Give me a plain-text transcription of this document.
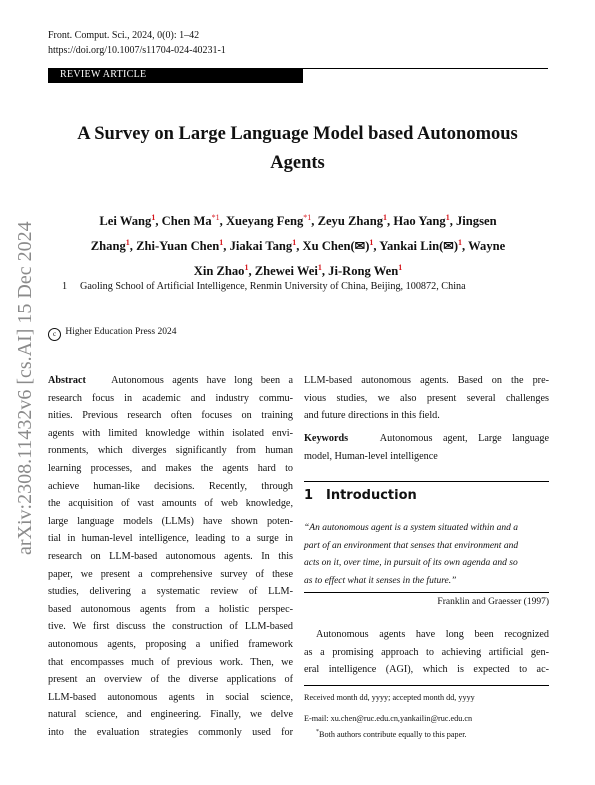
Front. Comput. Sci., 2024, 0(0): 1–42
https://doi.org/10.1007/s11704-024-40231-1
REVIEW ARTICLE
arXiv:2308.11432v6 [cs.AI] 15 Dec 2024
A Survey on Large Language Model based Autonomous
Agents
Lei Wang$^1$, Chen Ma$^{*1}$, Xueyang Feng$^{*1}$, Zeyu Zhang$^1$, Hao Yang$^1$, Jingsen
Zhang$^1$, Zhi-Yuan Chen$^1$, Jiakai Tang$^1$, Xu Chen(✉)$^1$, Yankai Lin(✉)$^1$, Wayne
Xin Zhao$^1$, Zhewei Wei$^1$, Ji-Rong Wen$^1$
1 Gaoling School of Artificial Intelligence, Renmin University of China, Beijing, 100872, China
c Higher Education Press 2024
Abstract Autonomous agents have long been a
research focus in academic and industry commu-
nities. Previous research often focuses on training
agents with limited knowledge within isolated envi-
ronments, which diverges significantly from human
learning processes, and makes the agents hard to
achieve human-like decisions. Recently, through
the acquisition of vast amounts of web knowledge,
large language models (LLMs) have shown poten-
tial in human-level intelligence, leading to a surge in
research on LLM-based autonomous agents. In this
paper, we present a comprehensive survey of these
studies, delivering a systematic review of LLM-
based autonomous agents from a holistic perspec-
tive. We first discuss the construction of LLM-based
autonomous agents, proposing a unified framework
that encompasses much of previous work. Then, we
present an overview of the diverse applications of
LLM-based autonomous agents in social science,
natural science, and engineering. Finally, we delve
into the evaluation strategies commonly used for
LLM-based autonomous agents. Based on the pre-
vious studies, we also present several challenges
and future directions in this field.
Keywords	Autonomous agent, Large language
model, Human-level intelligence
1 Introduction
“An autonomous agent is a system situated within and a
part of an environment that senses that environment and
acts on it, over time, in pursuit of its own agenda and so
as to effect what it senses in the future.”
Franklin and Graesser (1997)
Autonomous agents have long been recognized
as a promising approach to achieving artificial gen-
eral intelligence (AGI), which is expected to ac-
Received month dd, yyyy; accepted month dd, yyyy
E-mail: xu.chen@ruc.edu.cn,yankailin@ruc.edu.cn
*Both authors contribute equally to this paper.
